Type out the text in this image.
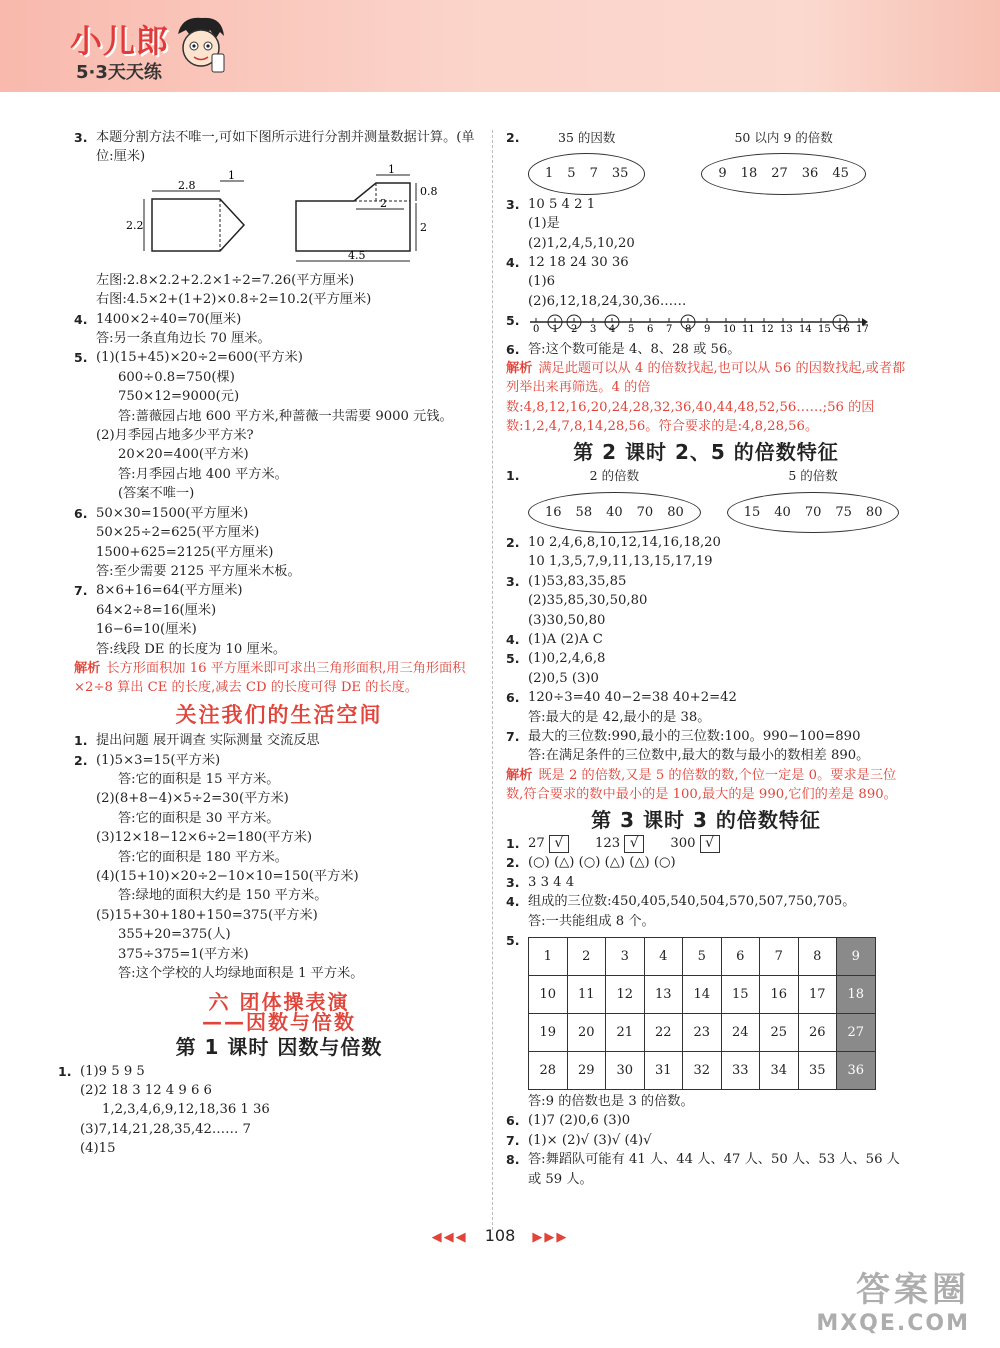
小儿郎
5·3天天练
3. 本题分割方法不唯一,可如下图所示进行分割并测量数据计算。(单位:厘米)
2.8
1
2.2
1
0.8
2
2
4.5
左图:2.8×2.2+2.2×1÷2=7.26(平方厘米)
右图:4.5×2+(1+2)×0.8÷2=10.2(平方厘米)
4. 1400×2÷40=70(厘米)
答:另一条直角边长 70 厘米。
5. (1)(15+45)×20÷2=600(平方米)
600÷0.8=750(棵)
750×12=9000(元)
答:蔷薇园占地 600 平方米,种蔷薇一共需要 9000 元钱。
(2)月季园占地多少平方米?
20×20=400(平方米)
答:月季园占地 400 平方米。
(答案不唯一)
6. 50×30=1500(平方厘米)
50×25÷2=625(平方厘米)
1500+625=2125(平方厘米)
答:至少需要 2125 平方厘米木板。
7. 8×6+16=64(平方厘米)
64×2÷8=16(厘米)
16−6=10(厘米)
答:线段 DE 的长度为 10 厘米。
解析 长方形面积加 16 平方厘米即可求出三角形面积,用三角形面积×2÷8 算出 CE 的长度,减去 CD 的长度可得 DE 的长度。
关注我们的生活空间
1. 提出问题 展开调查 实际测量 交流反思
2. (1)5×3=15(平方米)
答:它的面积是 15 平方米。
(2)(8+8−4)×5÷2=30(平方米)
答:它的面积是 30 平方米。
(3)12×18−12×6÷2=180(平方米)
答:它的面积是 180 平方米。
(4)(15+10)×20÷2−10×10=150(平方米)
答:绿地的面积大约是 150 平方米。
(5)15+30+180+150=375(平方米)
355+20=375(人)
375÷375=1(平方米)
答:这个学校的人均绿地面积是 1 平方米。
六 团体操表演
——因数与倍数
第 1 课时 因数与倍数
1. (1)9 5 9 5
(2)2 18 3 12 4 9 6 6
1,2,3,4,6,9,12,18,36 1 36
(3)7,14,21,28,35,42…… 7
(4)15
2.	35 的因数
1 5 7 35
50 以内 9 的倍数
9 18 27 36 45
3. 10 5 4 2 1
(1)是
(2)1,2,4,5,10,20
4. 12 18 24 30 36
(1)6
(2)6,12,18,24,30,36……
5.
0 1 2 3 4 5 6 7 8 9 10 11 12 13 14 15 16 17
6. 答:这个数可能是 4、8、28 或 56。
解析 满足此题可以从 4 的倍数找起,也可以从 56 的因数找起,或者都列举出来再筛选。4 的倍数:4,8,12,16,20,24,28,32,36,40,44,48,52,56……;56 的因数:1,2,4,7,8,14,28,56。符合要求的是:4,8,28,56。
第 2 课时 2、5 的倍数特征
1.	2 的倍数
16 58 40 70 80
5 的倍数
15 40 70 75 80
2. 10 2,4,6,8,10,12,14,16,18,20
10 1,3,5,7,9,11,13,15,17,19
3. (1)53,83,35,85
(2)35,85,30,50,80
(3)30,50,80
4. (1)A (2)A C
5. (1)0,2,4,6,8
(2)0,5 (3)0
6. 120÷3=40 40−2=38 40+2=42
答:最大的是 42,最小的是 38。
7. 最大的三位数:990,最小的三位数:100。990−100=890
答:在满足条件的三位数中,最大的数与最小的数相差 890。
解析 既是 2 的倍数,又是 5 的倍数的数,个位一定是 0。要求是三位数,符合要求的数中最小的是 100,最大的是 990,它们的差是 890。
第 3 课时 3 的倍数特征
1. 27 √ 123 √ 300 √
2. (○) (△) (○) (△) (△) (○)
3. 3 3 4 4
4. 组成的三位数:450,405,540,504,570,507,750,705。
答:一共能组成 8 个。
5.
1	2	3	4	5	6	7	8	9
10	11	12	13	14	15	16	17	18
19	20	21	22	23	24	25	26	27
28	29	30	31	32	33	34	35	36
答:9 的倍数也是 3 的倍数。
6. (1)7 (2)0,6 (3)0
7. (1)× (2)√ (3)√ (4)√
8. 答:舞蹈队可能有 41 人、44 人、47 人、50 人、53 人、56 人或 59 人。
◀◀◀ 108 ▶▶▶
答案圈
MXQE.COM
